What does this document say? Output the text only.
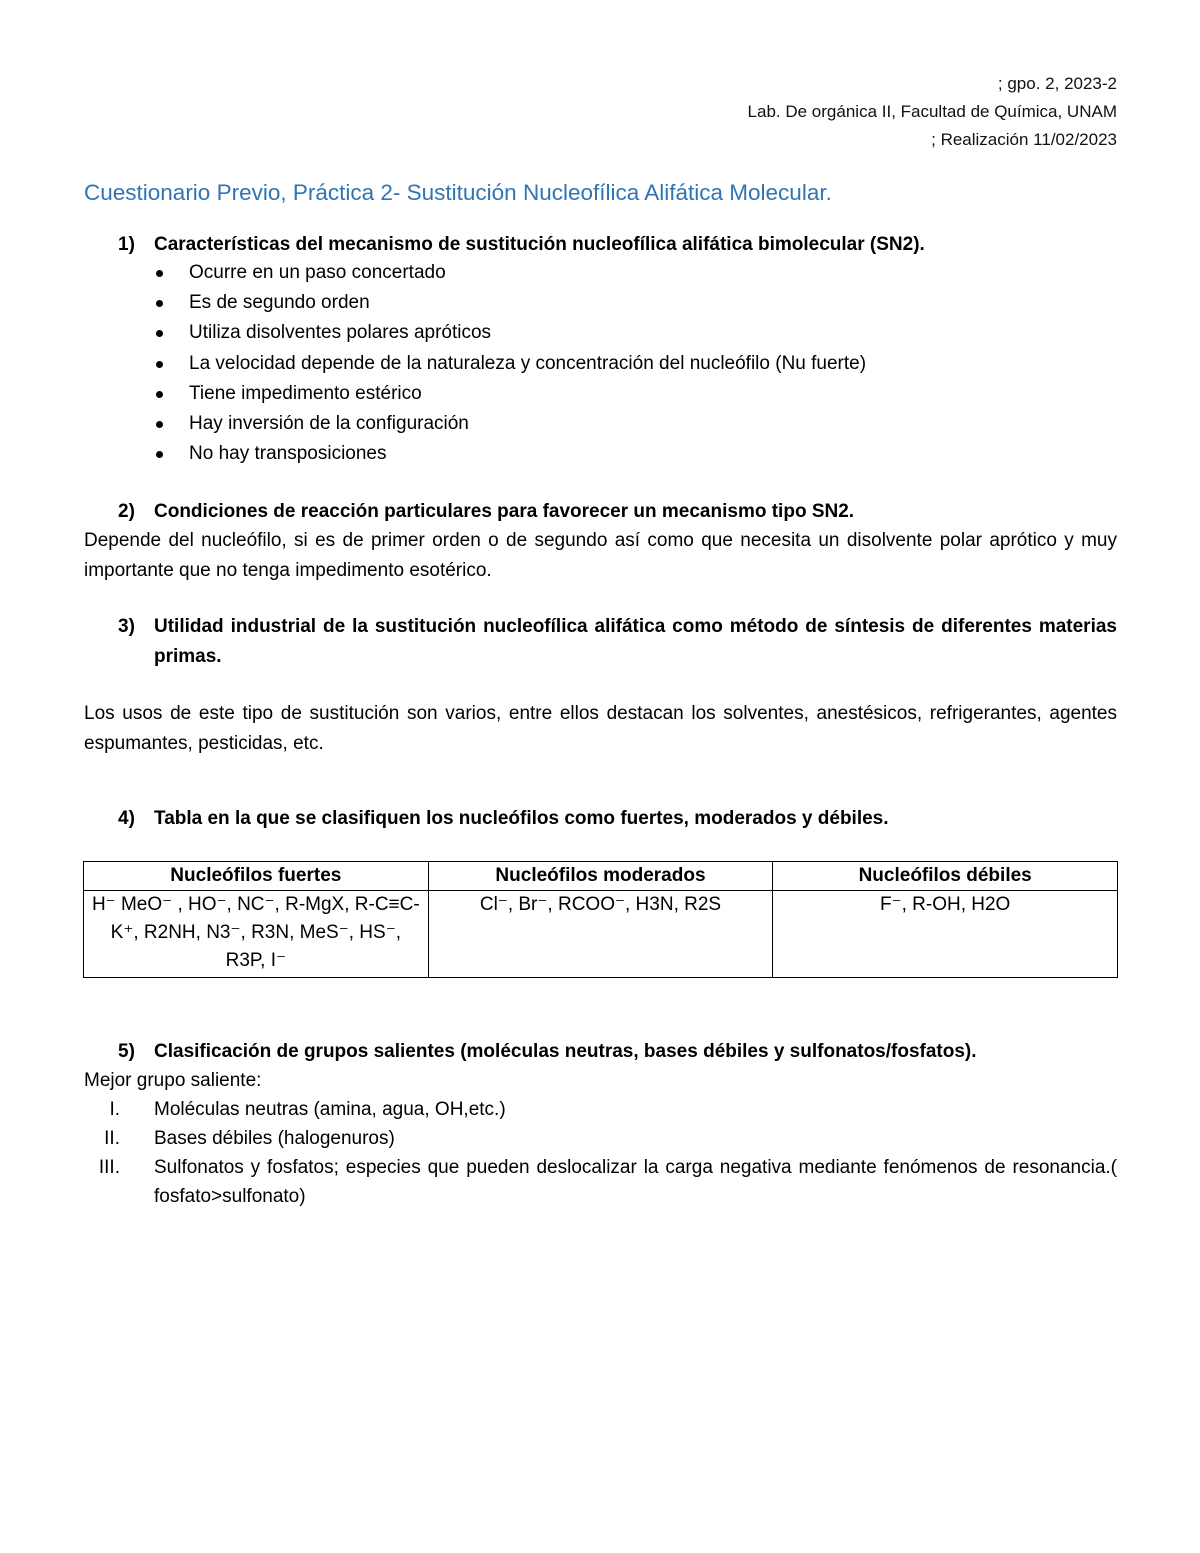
; gpo. 2, 2023-2
Lab. De orgánica II, Facultad de Química, UNAM
; Realización 11/02/2023
Cuestionario Previo, Práctica 2- Sustitución Nucleofílica Alifática Molecular.
1)	Características del mecanismo de sustitución nucleofílica alifática bimolecular (SN2).
Ocurre en un paso concertado
Es de segundo orden
Utiliza disolventes polares apróticos
La velocidad depende de la naturaleza y concentración del nucleófilo (Nu fuerte)
Tiene impedimento estérico
Hay inversión de la configuración
No hay transposiciones
2)	Condiciones de reacción particulares para favorecer un mecanismo tipo SN2.
Depende del nucleófilo, si es de primer orden o de segundo así como que necesita un disolvente polar aprótico y muy importante que no tenga impedimento esotérico.
3)	Utilidad industrial de la sustitución nucleofílica alifática como método de síntesis de diferentes materias primas.
Los usos de este tipo de sustitución son varios, entre ellos destacan los solventes, anestésicos, refrigerantes, agentes espumantes, pesticidas, etc.
4)	Tabla en la que se clasifiquen los nucleófilos como fuertes, moderados y débiles.
Nucleófilos fuertes	Nucleófilos moderados	Nucleófilos débiles
H⁻ MeO⁻ , HO⁻, NC⁻, R-MgX, R-C≡C-K⁺, R2NH, N3⁻, R3N, MeS⁻, HS⁻, R3P, I⁻	Cl⁻, Br⁻, RCOO⁻, H3N, R2S	F⁻, R-OH, H2O
5)	Clasificación de grupos salientes (moléculas neutras, bases débiles y sulfonatos/fosfatos).
Mejor grupo saliente:
I. Moléculas neutras (amina, agua, OH,etc.)
II. Bases débiles (halogenuros)
III. Sulfonatos y fosfatos; especies que pueden deslocalizar la carga negativa mediante fenómenos de resonancia.( fosfato>sulfonato)
